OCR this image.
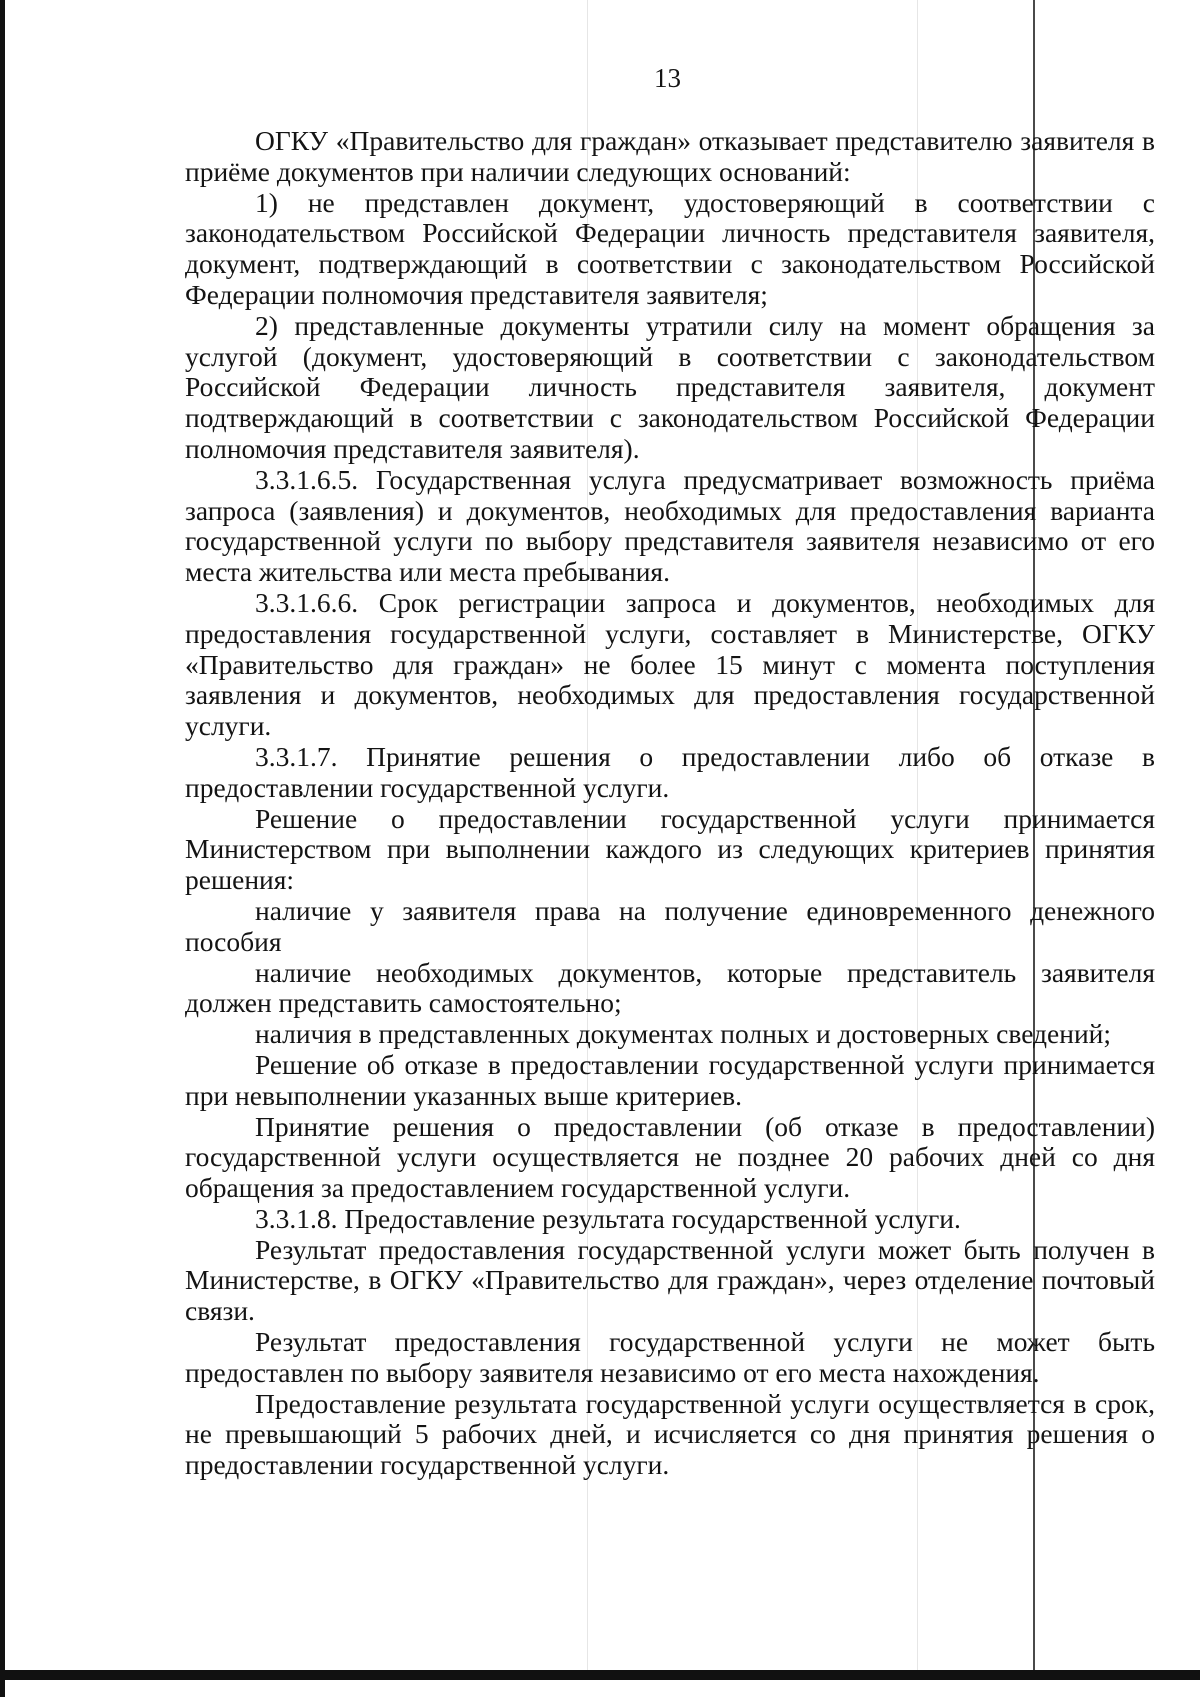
13

ОГКУ «Правительство для граждан» отказывает представителю заявителя в приёме документов при наличии следующих оснований:

1) не представлен документ, удостоверяющий в соответствии с законодательством Российской Федерации личность представителя заявителя, документ, подтверждающий в соответствии с законодательством Российской Федерации полномочия представителя заявителя;

2) представленные документы утратили силу на момент обращения за услугой (документ, удостоверяющий в соответствии с законодательством Российской Федерации личность представителя заявителя, документ подтверждающий в соответствии с законодательством Российской Федерации полномочия представителя заявителя).

3.3.1.6.5. Государственная услуга предусматривает возможность приёма запроса (заявления) и документов, необходимых для предоставления варианта государственной услуги по выбору представителя заявителя независимо от его места жительства или места пребывания.

3.3.1.6.6. Срок регистрации запроса и документов, необходимых для предоставления государственной услуги, составляет в Министерстве, ОГКУ «Правительство для граждан» не более 15 минут с момента поступления заявления и документов, необходимых для предоставления государственной услуги.

3.3.1.7. Принятие решения о предоставлении либо об отказе в предоставлении государственной услуги.

Решение о предоставлении государственной услуги принимается Министерством при выполнении каждого из следующих критериев принятия решения:

наличие у заявителя права на получение единовременного денежного пособия

наличие необходимых документов, которые представитель заявителя должен представить самостоятельно;

наличия в представленных документах полных и достоверных сведений;

Решение об отказе в предоставлении государственной услуги принимается при невыполнении указанных выше критериев.

Принятие решения о предоставлении (об отказе в предоставлении) государственной услуги осуществляется не позднее 20 рабочих дней со дня обращения за предоставлением государственной услуги.

3.3.1.8. Предоставление результата государственной услуги.

Результат предоставления государственной услуги может быть получен в Министерстве, в ОГКУ «Правительство для граждан», через отделение почтовый связи.

Результат предоставления государственной услуги не может быть предоставлен по выбору заявителя независимо от его места нахождения.

Предоставление результата государственной услуги осуществляется в срок, не превышающий 5 рабочих дней, и исчисляется со дня принятия решения о предоставлении государственной услуги.
